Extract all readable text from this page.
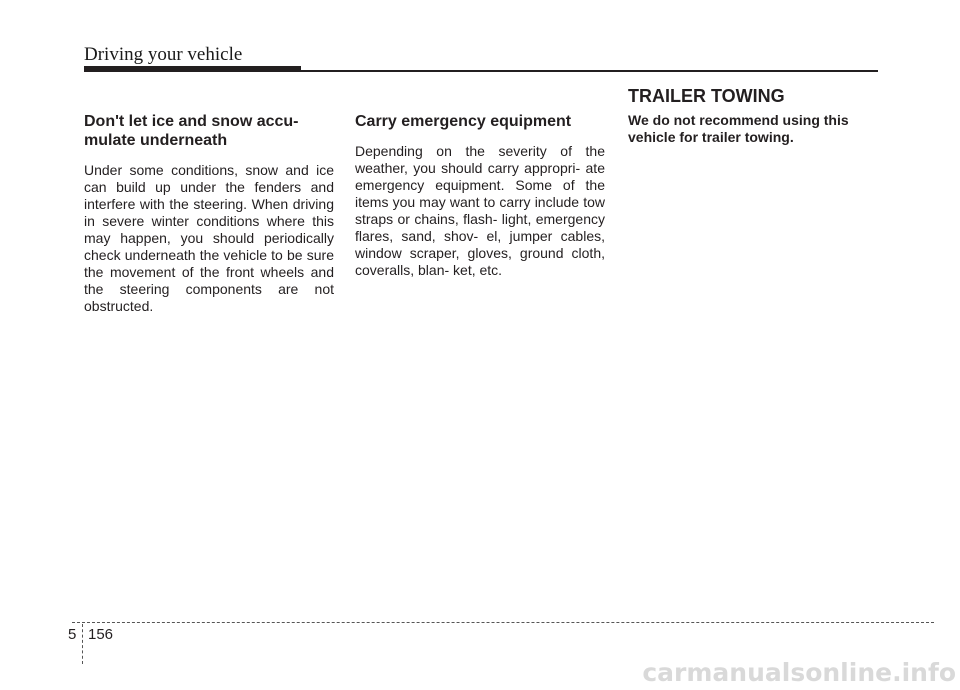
Driving your vehicle
Don't let ice and snow accu-
mulate underneath

Under some conditions, snow and ice can build up under the fenders and interfere with the steering. When driving in severe winter conditions where this may happen, you should periodically check underneath the vehicle to be sure the movement of the front wheels and the steering components are not obstructed.

Carry emergency equipment

Depending on the severity of the weather, you should carry appropri- ate emergency equipment. Some of the items you may want to carry include tow straps or chains, flash- light, emergency flares, sand, shov- el, jumper cables, window scraper, gloves, ground cloth, coveralls, blan- ket, etc.

TRAILER TOWING

We do not recommend using this vehicle for trailer towing.

5 156
carmanualsonline.info
